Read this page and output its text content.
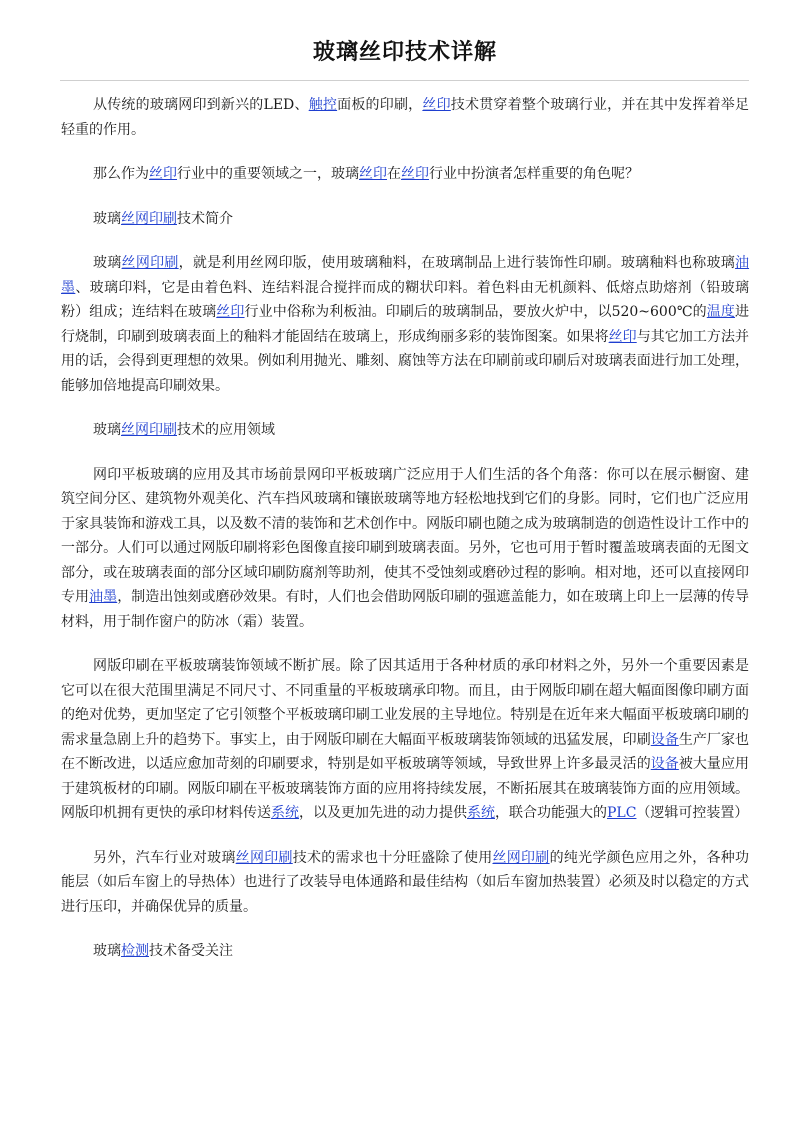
玻璃丝印技术详解

从传统的玻璃网印到新兴的LED、触控面板的印刷，丝印技术贯穿着整个玻璃行业，并在其中发挥着举足轻重的作用。

那么作为丝印行业中的重要领域之一，玻璃丝印在丝印行业中扮演者怎样重要的角色呢？

玻璃丝网印刷技术简介

玻璃丝网印刷，就是利用丝网印版，使用玻璃釉料，在玻璃制品上进行装饰性印刷。玻璃釉料也称玻璃油墨、玻璃印料，它是由着色料、连结料混合搅拌而成的糊状印料。着色料由无机颜料、低熔点助熔剂（铅玻璃粉）组成；连结料在玻璃丝印行业中俗称为利板油。印刷后的玻璃制品，要放火炉中，以520~600℃的温度进行烧制，印刷到玻璃表面上的釉料才能固结在玻璃上，形成绚丽多彩的装饰图案。如果将丝印与其它加工方法并用的话，会得到更理想的效果。例如利用抛光、雕刻、腐蚀等方法在印刷前或印刷后对玻璃表面进行加工处理，能够加倍地提高印刷效果。

玻璃丝网印刷技术的应用领域

网印平板玻璃的应用及其市场前景网印平板玻璃广泛应用于人们生活的各个角落：你可以在展示橱窗、建筑空间分区、建筑物外观美化、汽车挡风玻璃和镶嵌玻璃等地方轻松地找到它们的身影。同时，它们也广泛应用于家具装饰和游戏工具，以及数不清的装饰和艺术创作中。网版印刷也随之成为玻璃制造的创造性设计工作中的一部分。人们可以通过网版印刷将彩色图像直接印刷到玻璃表面。另外，它也可用于暂时覆盖玻璃表面的无图文部分，或在玻璃表面的部分区域印刷防腐剂等助剂，使其不受蚀刻或磨砂过程的影响。相对地，还可以直接网印专用油墨，制造出蚀刻或磨砂效果。有时，人们也会借助网版印刷的强遮盖能力，如在玻璃上印上一层薄的传导材料，用于制作窗户的防冰（霜）装置。

网版印刷在平板玻璃装饰领域不断扩展。除了因其适用于各种材质的承印材料之外，另外一个重要因素是它可以在很大范围里满足不同尺寸、不同重量的平板玻璃承印物。而且，由于网版印刷在超大幅面图像印刷方面的绝对优势，更加坚定了它引领整个平板玻璃印刷工业发展的主导地位。特别是在近年来大幅面平板玻璃印刷的需求量急剧上升的趋势下。事实上，由于网版印刷在大幅面平板玻璃装饰领域的迅猛发展，印刷设备生产厂家也在不断改进，以适应愈加苛刻的印刷要求，特别是如平板玻璃等领域，导致世界上许多最灵活的设备被大量应用于建筑板材的印刷。网版印刷在平板玻璃装饰方面的应用将持续发展，不断拓展其在玻璃装饰方面的应用领域。网版印机拥有更快的承印材料传送系统，以及更加先进的动力提供系统，联合功能强大的PLC（逻辑可控装置）

另外，汽车行业对玻璃丝网印刷技术的需求也十分旺盛除了使用丝网印刷的纯光学颜色应用之外，各种功能层（如后车窗上的导热体）也进行了改装导电体通路和最佳结构（如后车窗加热装置）必须及时以稳定的方式进行压印，并确保优异的质量。

玻璃检测技术备受关注
